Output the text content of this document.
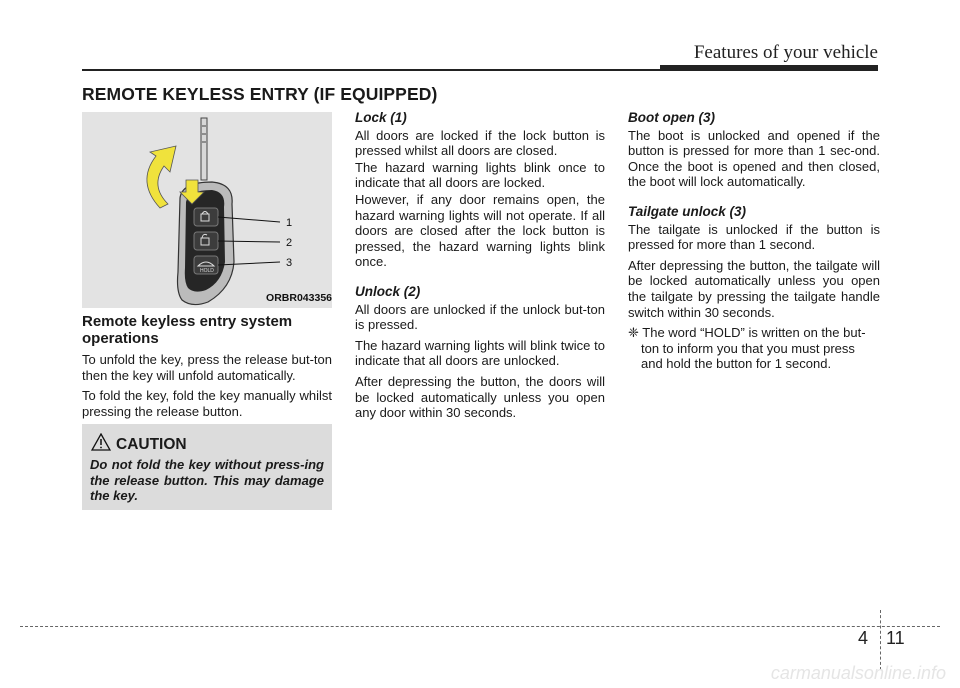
Features of your vehicle
REMOTE KEYLESS ENTRY (IF EQUIPPED)
HOLD
1
2
3
ORBR043356

Remote keyless entry system operations

To unfold the key, press the release but-ton then the key will unfold automatically.

To fold the key, fold the key manually whilst pressing the release button.

CAUTION
Do not fold the key without press-ing the release button. This may damage the key.

Lock (1)

All doors are locked if the lock button is pressed whilst all doors are closed.

The hazard warning lights blink once to indicate that all doors are locked.

However, if any door remains open, the hazard warning lights will not operate. If all doors are closed after the lock button is pressed, the hazard warning lights blink once.

Unlock (2)

All doors are unlocked if the unlock but-ton is pressed.

The hazard warning lights will blink twice to indicate that all doors are unlocked.

After depressing the button, the doors will be locked automatically unless you open any door within 30 seconds.

Boot open (3)

The boot is unlocked and opened if the button is pressed for more than 1 sec-ond. Once the boot is opened and then closed, the boot will lock automatically.

Tailgate unlock (3)

The tailgate is unlocked if the button is pressed for more than 1 second.

After depressing the button, the tailgate will be locked automatically unless you open the tailgate by pressing the tailgate handle switch within 30 seconds.

❈ The word “HOLD” is written on the but-ton to inform you that you must press and hold the button for 1 second.

4 11
carmanualsonline.info
